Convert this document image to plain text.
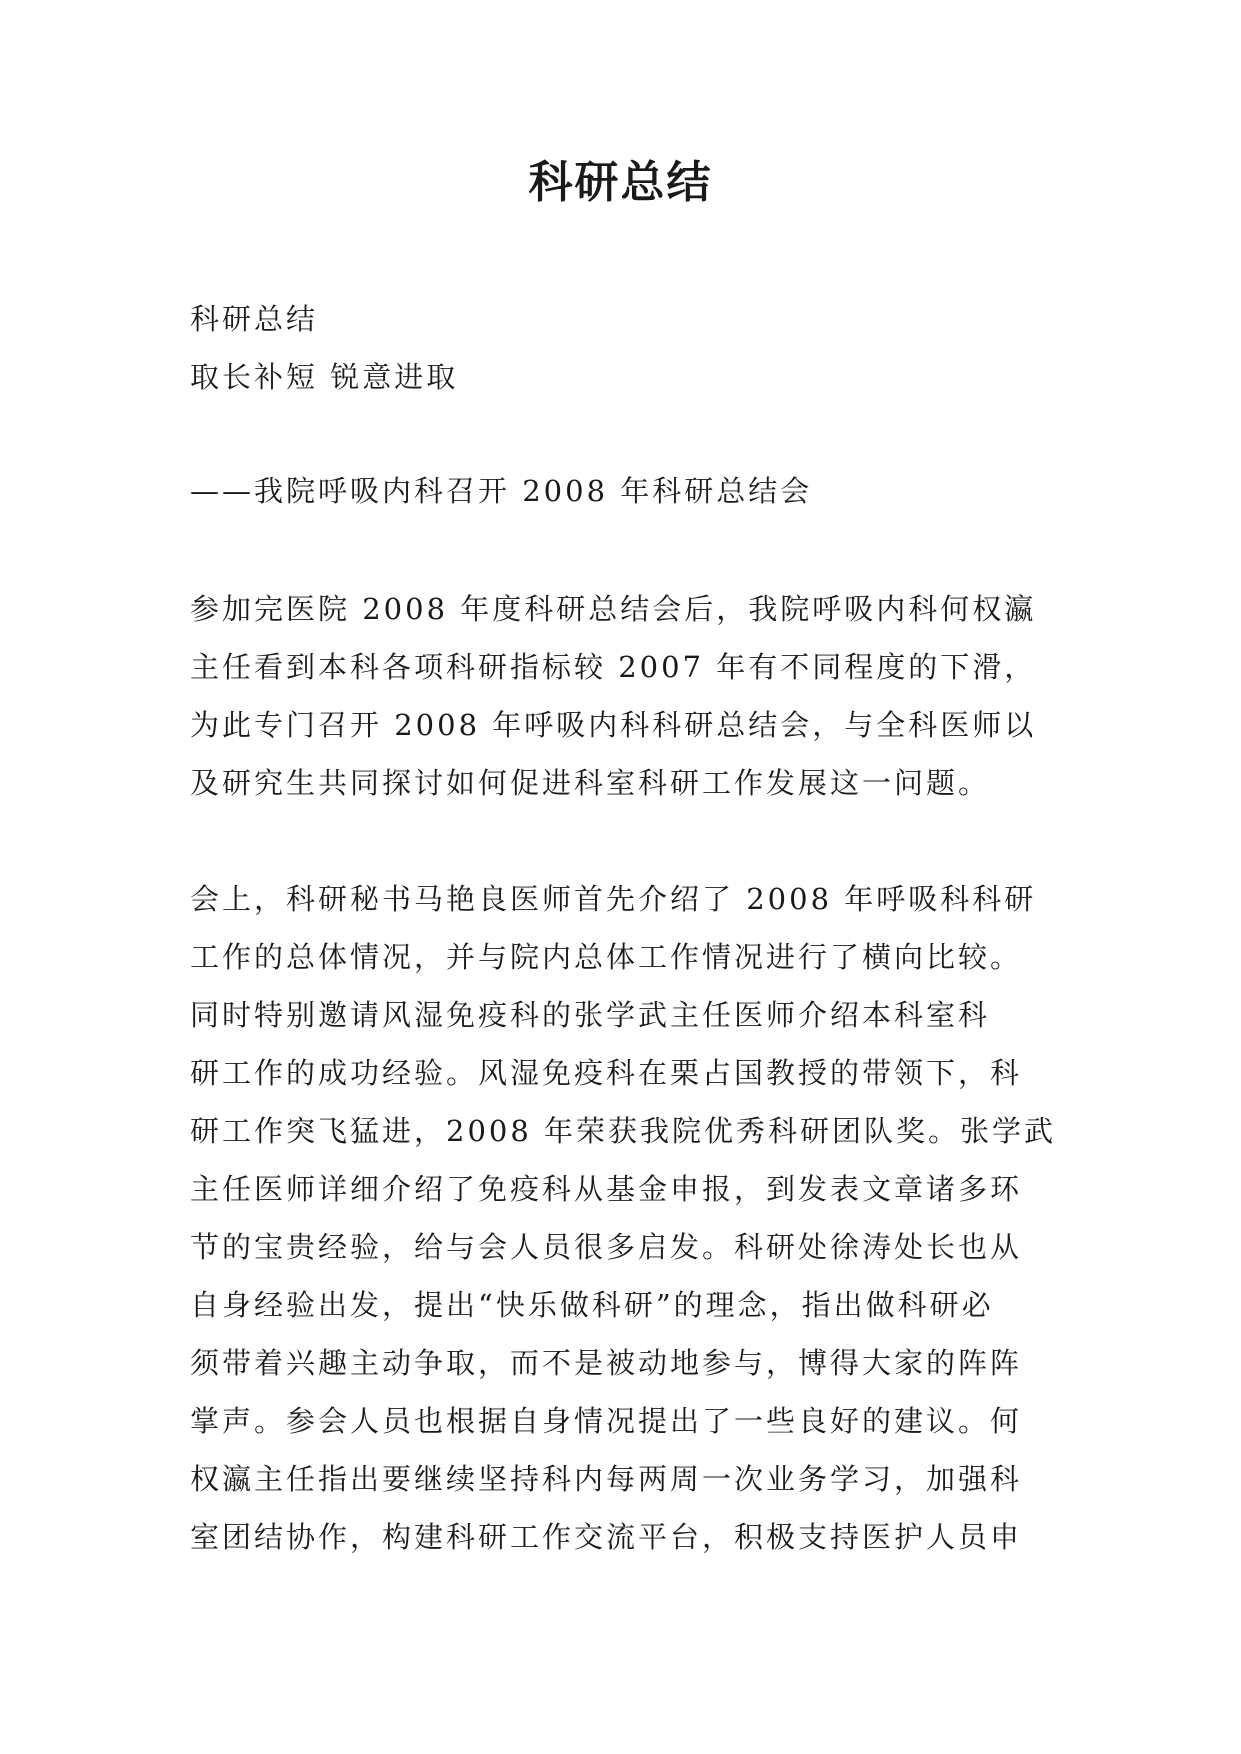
科研总结
科研总结
取长补短 锐意进取
——我院呼吸内科召开 2008 年科研总结会
参加完医院 2008 年度科研总结会后，我院呼吸内科何权瀛
主任看到本科各项科研指标较 2007 年有不同程度的下滑，
为此专门召开 2008 年呼吸内科科研总结会，与全科医师以
及研究生共同探讨如何促进科室科研工作发展这一问题。
会上，科研秘书马艳良医师首先介绍了 2008 年呼吸科科研
工作的总体情况，并与院内总体工作情况进行了横向比较。
同时特别邀请风湿免疫科的张学武主任医师介绍本科室科
研工作的成功经验。风湿免疫科在栗占国教授的带领下，科
研工作突飞猛进，2008 年荣获我院优秀科研团队奖。张学武
主任医师详细介绍了免疫科从基金申报，到发表文章诸多环
节的宝贵经验，给与会人员很多启发。科研处徐涛处长也从
自身经验出发，提出“快乐做科研”的理念，指出做科研必
须带着兴趣主动争取，而不是被动地参与，博得大家的阵阵
掌声。参会人员也根据自身情况提出了一些良好的建议。何
权瀛主任指出要继续坚持科内每两周一次业务学习，加强科
室团结协作，构建科研工作交流平台，积极支持医护人员申
